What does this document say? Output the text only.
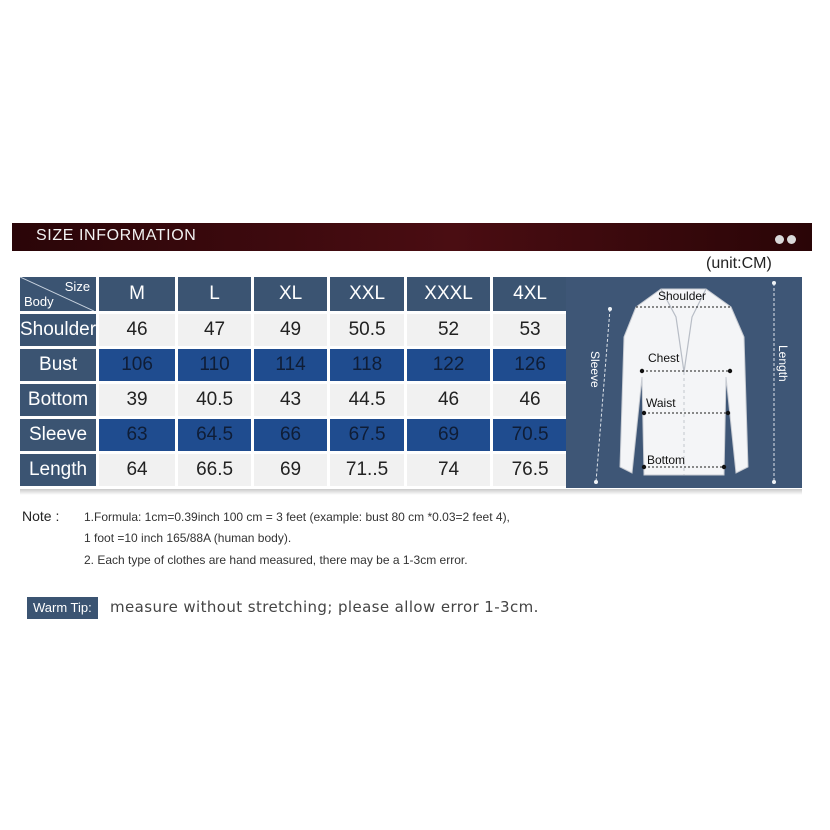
SIZE INFORMATION
(unit:CM)
Size
Body	M	L	XL	XXL	XXXL	4XL
Shoulder	46	47	49	50.5	52	53
Bust	106	110	114	118	122	126
Bottom	39	40.5	43	44.5	46	46
Sleeve	63	64.5	66	67.5	69	70.5
Length	64	66.5	69	71..5	74	76.5
Shoulder
Chest
Waist
Bottom
Sleeve	Length
Note : 1.Formula: 1cm=0.39inch 100 cm = 3 feet (example: bust 80 cm *0.03=2 feet 4),
1 foot =10 inch 165/88A (human body).
2. Each type of clothes are hand measured, there may be a 1-3cm error.
Warm Tip:	measure without stretching; please allow error 1-3cm.
